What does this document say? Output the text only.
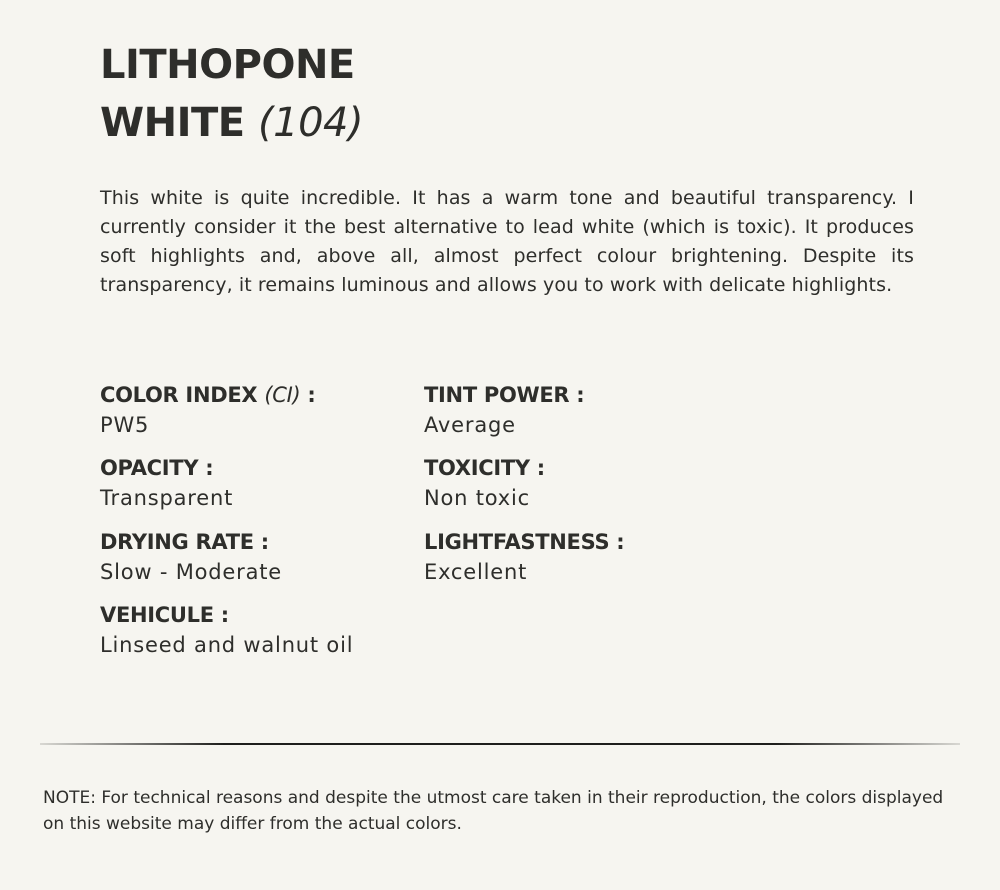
LITHOPONE
WHITE (104)

This white is quite incredible. It has a warm tone and beautiful transparency. I currently consider it the best alternative to lead white (which is toxic). It produces soft highlights and, above all, almost perfect colour brightening. Despite its transparency, it remains luminous and allows you to work with delicate highlights.

COLOR INDEX (CI) :
PW5
TINT POWER :
Average
OPACITY :
Transparent
TOXICITY :
Non toxic
DRYING RATE :
Slow - Moderate
LIGHTFASTNESS :
Excellent
VEHICULE :
Linseed and walnut oil

NOTE: For technical reasons and despite the utmost care taken in their reproduction, the colors displayed on this website may differ from the actual colors.
